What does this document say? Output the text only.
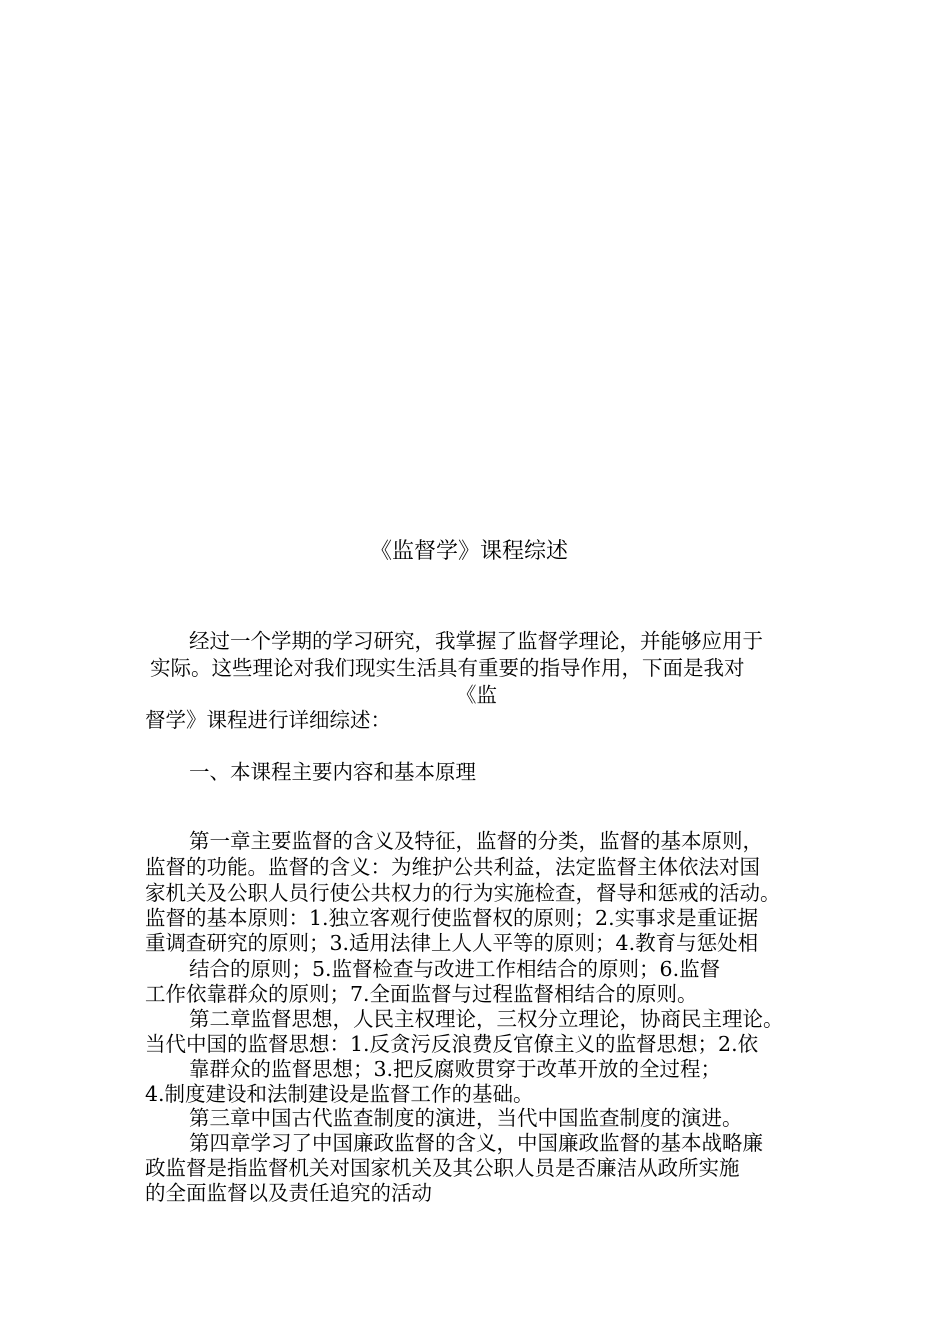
《监督学》课程综述
经过一个学期的学习研究，我掌握了监督学理论，并能够应用于
实际。这些理论对我们现实生活具有重要的指导作用，下面是我对
《监
督学》课程进行详细综述：
一、本课程主要内容和基本原理
第一章主要监督的含义及特征，监督的分类，监督的基本原则，
监督的功能。监督的含义：为维护公共利益，法定监督主体依法对国
家机关及公职人员行使公共权力的行为实施检查，督导和惩戒的活动。
监督的基本原则：1.独立客观行使监督权的原则；2.实事求是重证据
重调查研究的原则；3.适用法律上人人平等的原则；4.教育与惩处相
结合的原则；5.监督检查与改进工作相结合的原则；6.监督
工作依靠群众的原则；7.全面监督与过程监督相结合的原则。
第二章监督思想，人民主权理论，三权分立理论，协商民主理论。
当代中国的监督思想：1.反贪污反浪费反官僚主义的监督思想；2.依
靠群众的监督思想；3.把反腐败贯穿于改革开放的全过程；
4.制度建设和法制建设是监督工作的基础。
第三章中国古代监查制度的演进，当代中国监查制度的演进。
第四章学习了中国廉政监督的含义，中国廉政监督的基本战略廉
政监督是指监督机关对国家机关及其公职人员是否廉洁从政所实施
的全面监督以及责任追究的活动
